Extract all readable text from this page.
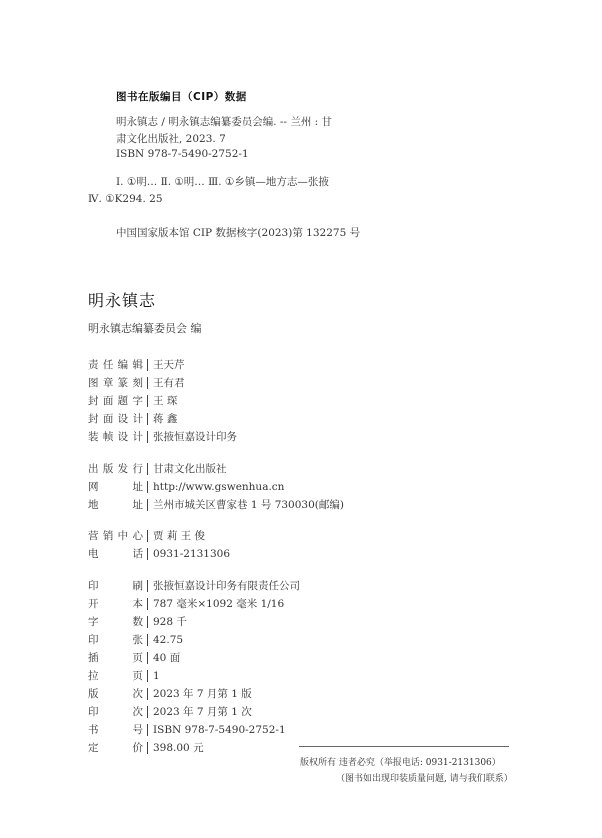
图书在版编目（CIP）数据
明永镇志 / 明永镇志编纂委员会编. -- 兰州 : 甘
肃文化出版社, 2023. 7
ISBN 978-7-5490-2752-1
Ⅰ. ①明… Ⅱ. ①明… Ⅲ. ①乡镇—地方志—张掖
Ⅳ. ①K294. 25
中国国家版本馆 CIP 数据核字(2023)第 132275 号
明永镇志
明永镇志编纂委员会 编
责任编辑 王天芹
图章篆刻 王有君
封面题字 王 琛
封面设计 蒋 鑫
装帧设计 张掖恒嘉设计印务
出版发行 甘肃文化出版社
网址 http://www.gswenhua.cn
地址 兰州市城关区曹家巷 1 号 730030(邮编)
营销中心 贾 莉 王 俊
电话 0931-2131306
印刷 张掖恒嘉设计印务有限责任公司
开本 787 毫米×1092 毫米 1/16
字数 928 千
印张 42.75
插页 40 面
拉页 1
版次 2023 年 7 月第 1 版
印次 2023 年 7 月第 1 次
书号 ISBN 978-7-5490-2752-1
定价 398.00 元
版权所有 违者必究（举报电话: 0931-2131306）
（图书如出现印装质量问题, 请与我们联系）
